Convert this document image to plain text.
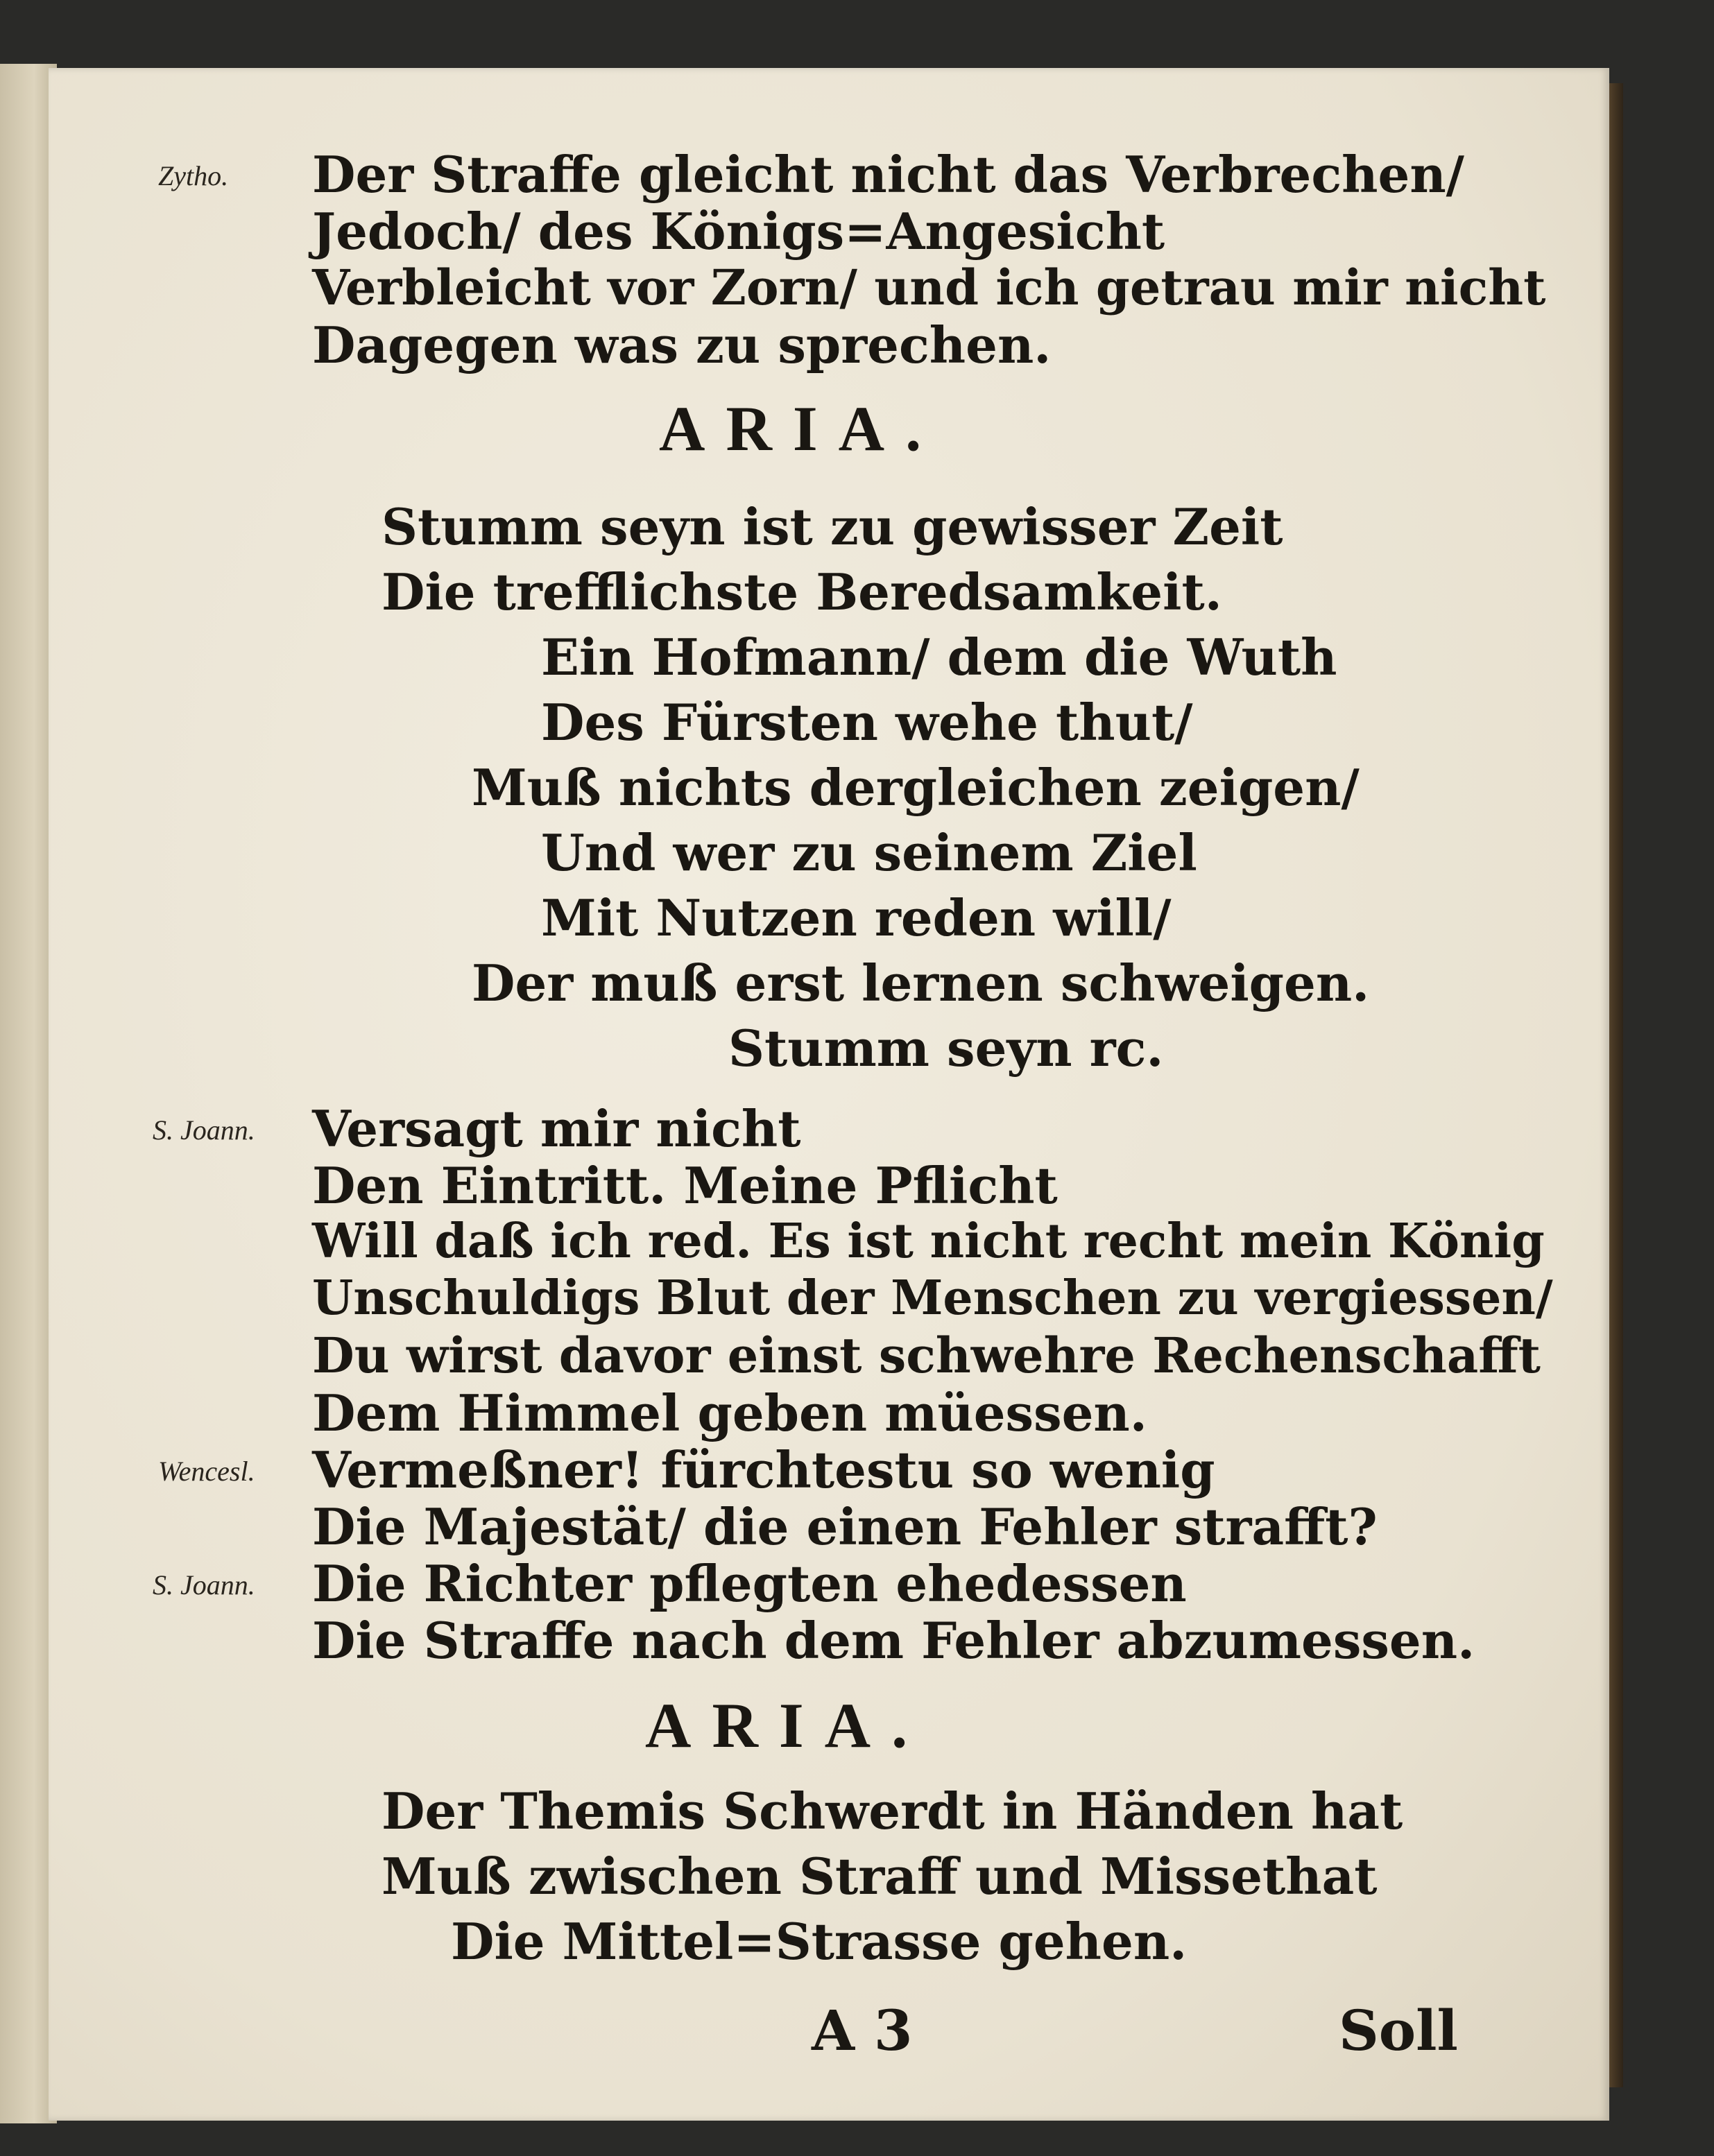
Zytho. Der Straffe gleicht nicht das Verbrechen/
Jedoch/ des Königs=Angesicht
Verbleicht vor Zorn/ und ich getrau mir nicht
Dagegen was zu sprechen.
ARIA.
Stumm seyn ist zu gewisser Zeit
Die trefflichste Beredsamkeit.
Ein Hofmann/ dem die Wuth
Des Fürsten wehe thut/
Muß nichts dergleichen zeigen/
Und wer zu seinem Ziel
Mit Nutzen reden will/
Der muß erst lernen schweigen.
Stumm seyn rc.
S. Joann. Versagt mir nicht
Den Eintritt. Meine Pflicht
Will daß ich red. Es ist nicht recht mein König
Unschuldigs Blut der Menschen zu vergiessen/
Du wirst davor einst schwehre Rechenschafft
Dem Himmel geben müessen.
Wencesl. Vermeßner! fürchtestu so wenig
Die Majestät/ die einen Fehler strafft?
S. Joann. Die Richter pflegten ehedessen
Die Straffe nach dem Fehler abzumessen.
ARIA.
Der Themis Schwerdt in Händen hat
Muß zwischen Straff und Missethat
Die Mittel=Strasse gehen.
A 3	Soll
